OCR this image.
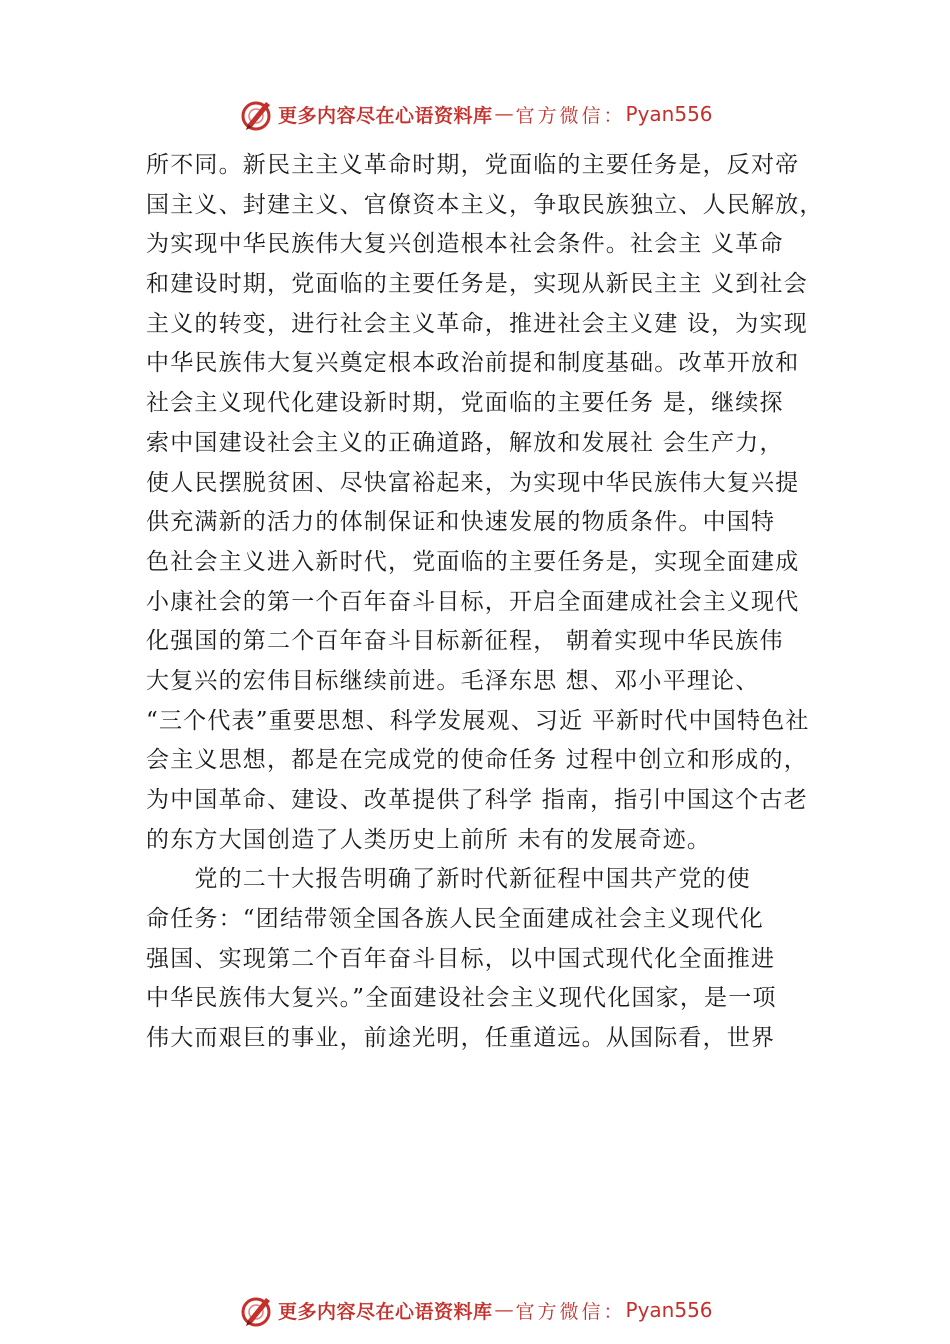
更多内容尽在心语资料库 — 官方微信： Pyan556
所不同。新民主主义革命时期，党面临的主要任务是，反对帝
国主义、封建主义、官僚资本主义，争取民族独立、人民解放，
为实现中华民族伟大复兴创造根本社会条件。社会主 义革命
和建设时期，党面临的主要任务是，实现从新民主主 义到社会
主义的转变，进行社会主义革命，推进社会主义建 设，为实现
中华民族伟大复兴奠定根本政治前提和制度基础。改革开放和
社会主义现代化建设新时期，党面临的主要任务 是，继续探
索中国建设社会主义的正确道路，解放和发展社 会生产力，
使人民摆脱贫困、尽快富裕起来，为实现中华民族伟大复兴提
供充满新的活力的体制保证和快速发展的物质条件。中国特
色社会主义进入新时代，党面临的主要任务是，实现全面建成
小康社会的第一个百年奋斗目标，开启全面建成社会主义现代
化强国的第二个百年奋斗目标新征程， 朝着实现中华民族伟
大复兴的宏伟目标继续前进。毛泽东思 想、邓小平理论、
“三个代表”重要思想、科学发展观、习近 平新时代中国特色社
会主义思想，都是在完成党的使命任务 过程中创立和形成的，
为中国革命、建设、改革提供了科学 指南，指引中国这个古老
的东方大国创造了人类历史上前所 未有的发展奇迹。
　　党的二十大报告明确了新时代新征程中国共产党的使
命任务：“团结带领全国各族人民全面建成社会主义现代化
强国、实现第二个百年奋斗目标，以中国式现代化全面推进
中华民族伟大复兴。”全面建设社会主义现代化国家，是一项
伟大而艰巨的事业，前途光明，任重道远。从国际看，世界
更多内容尽在心语资料库 — 官方微信： Pyan556
